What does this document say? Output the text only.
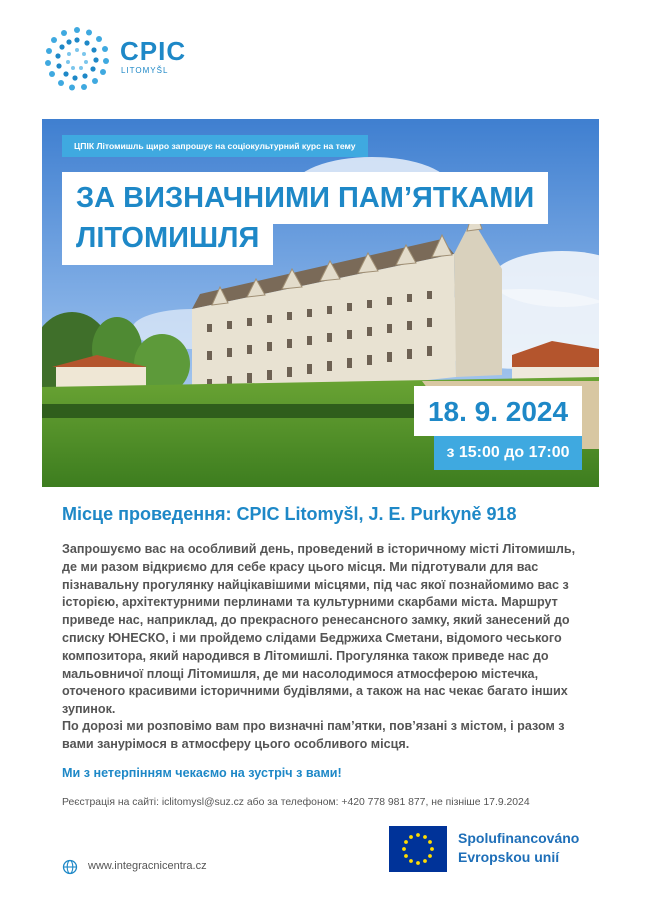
CPIC
LITOMYŠL
ЦПІК Літомишль щиро запрошує на соціокультурний курс на тему
ЗА ВИЗНАЧНИМИ ПАМ’ЯТКАМИ
ЛІТОМИШЛЯ
18. 9. 2024
з 15:00 до 17:00
Місце проведення: CPIC Litomyšl, J. E. Purkyně 918
Запрошуємо вас на особливий день, проведений в історичному місті Літомишль, де ми разом відкриємо для себе красу цього місця. Ми підготували для вас пізнавальну прогулянку найцікавішими місцями, під час якої познайомимо вас з історією, архітектурними перлинами та культурними скарбами міста. Маршрут приведе нас, наприклад, до прекрасного ренесансного замку, який занесений до списку ЮНЕСКО, і ми пройдемо слідами Бедржиха Сметани, відомого чеського композитора, який народився в Літомишлі. Прогулянка також приведе нас до мальовничої площі Літомишля, де ми насолодимося атмосферою містечка, оточеного красивими історичними будівлями, а також на нас чекає багато інших зупинок.
По дорозі ми розповімо вам про визначні пам’ятки, пов’язані з містом, і разом з вами занурімося в атмосферу цього особливого місця.
Ми з нетерпінням чекаємо на зустріч з вами!
Реєстрація на сайті: iclitomysl@suz.cz або за телефоном: +420 778 981 877, не пізніше 17.9.2024
www.integracnicentra.cz
Spolufinancováno
Evropskou unií
